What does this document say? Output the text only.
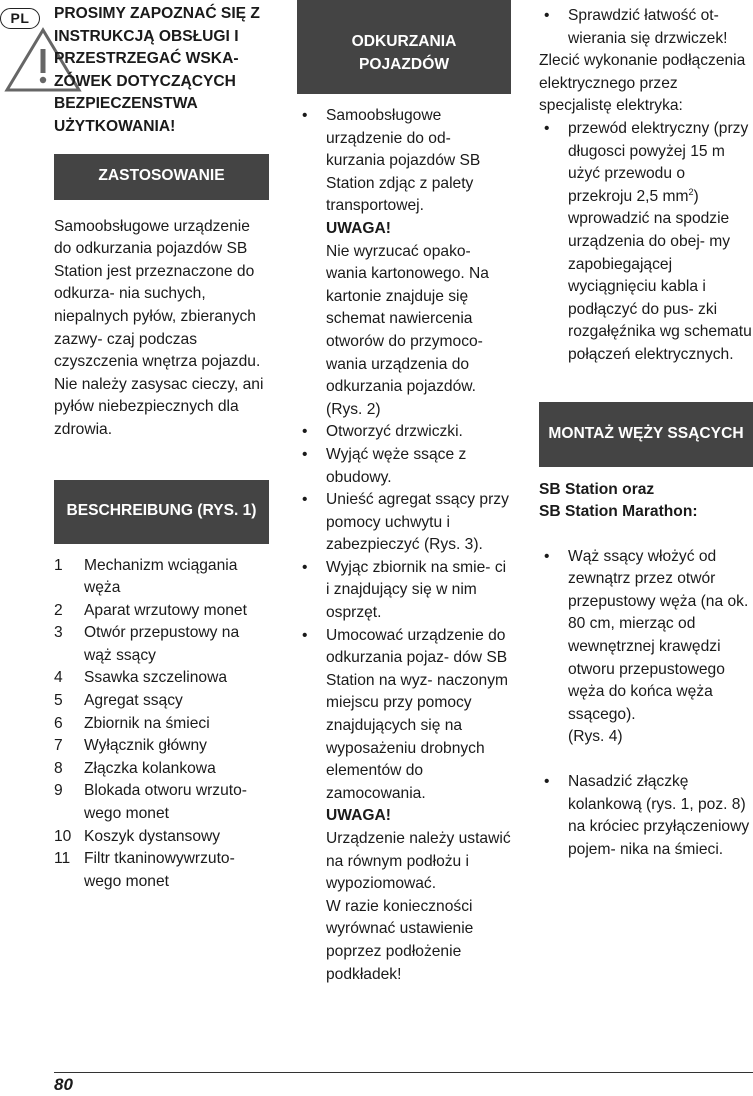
PL	PROSIMY ZAPOZNAĆ SIĘ Z INSTRUKCJĄ OBSŁUGI I PRZESTRZEGAĆ WSKA- ZÓWEK DOTYCZĄCYCH BEZPIECZENSTWA UŻYTKOWANIA!

ZASTOSOWANIE

Samoobsługowe urządzenie do odkurzania pojazdów SB Station jest przeznaczone do odkurza- nia suchych, niepalnych pyłów, zbieranych zazwy- czaj podczas czyszczenia wnętrza pojazdu. Nie należy zasysac cieczy, ani pyłów niebezpiecznych dla zdrowia.

BESCHREIBUNG (RYS. 1)
1 Mechanizm wciągania węża
2 Aparat wrzutowy monet
3 Otwór przepustowy na wąż ssący
4 Ssawka szczelinowa
5 Agregat ssący
6 Zbiornik na śmieci
7 Wyłącznik główny
8 Złączka kolankowa
9 Blokada otworu wrzuto- wego monet
10 Koszyk dystansowy
11 Filtr tkaninowywrzuto- wego monet
ODKURZANIA POJAZDÓW
• Samoobsługowe urządzenie do od- kurzania pojazdów SB Station zdjąc z palety transportowej.
UWAGA!
Nie wyrzucać opako- wania kartonowego. Na kartonie znajduje się schemat nawiercenia otworów do przymoco- wania urządzenia do odkurzania pojazdów. (Rys. 2)
• Otworzyć drzwiczki.
• Wyjąć węże ssące z obudowy.
• Unieść agregat ssący przy pomocy uchwytu i zabezpieczyć (Rys. 3).
• Wyjąc zbiornik na smie- ci i znajdujący się w nim osprzęt.
• Umocować urządzenie do odkurzania pojaz- dów SB Station na wyz- naczonym miejscu przy pomocy znajdujących się na wyposażeniu drobnych elementów do zamocowania.
UWAGA!
Urządzenie należy ustawić na równym podłożu i wypoziomować.
W razie konieczności wyrównać ustawienie poprzez podłożenie podkładek!
• Sprawdzić łatwość ot- wierania się drzwiczek!

Zlecić wykonanie podłączenia elektrycznego przez specjalistę elektryka:

• przewód elektryczny (przy długosci powyżej 15 m użyć przewodu o przekroju 2,5 $mm^2$) wprowadzić na spodzie urządzenia do obej- my zapobiegającej wyciągnięciu kabla i podłączyć do pus- zki rozgałęźnika wg schematu połączeń elektrycznych.
MONTAŻ WĘŻY SSĄCYCH

SB Station oraz

SB Station Marathon:

• Wąż ssący włożyć od zewnątrz przez otwór przepustowy węża (na ok. 80 cm, mierząc od wewnętrznej krawędzi otworu przepustowego węża do końca węża ssącego).
(Rys. 4)
• Nasadzić złączkę kolankową (rys. 1, poz. 8) na króciec przyłączeniowy pojem- nika na śmieci.
80
